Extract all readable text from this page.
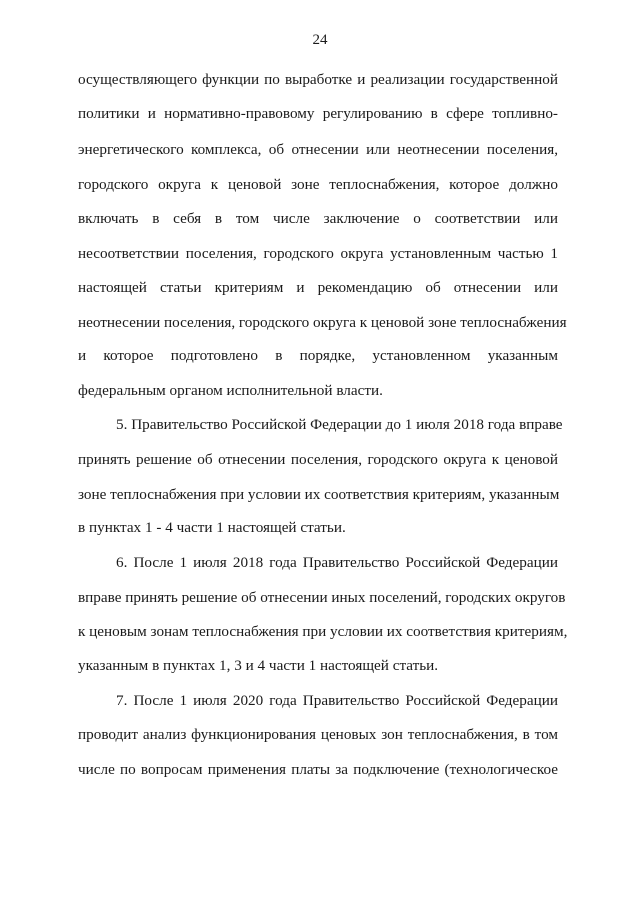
24
осуществляющего функции по выработке и реализации государственной
политики и нормативно-правовому регулированию в сфере топливно-
энергетического комплекса, об отнесении или неотнесении поселения,
городского округа к ценовой зоне теплоснабжения, которое должно
включать в себя в том числе заключение о соответствии или
несоответствии поселения, городского округа установленным частью 1
настоящей статьи критериям и рекомендацию об отнесении или
неотнесении поселения, городского округа к ценовой зоне теплоснабжения
и которое подготовлено в порядке, установленном указанным
федеральным органом исполнительной власти.
5. Правительство Российской Федерации до 1 июля 2018 года вправе
принять решение об отнесении поселения, городского округа к ценовой
зоне теплоснабжения при условии их соответствия критериям, указанным
в пунктах 1 - 4 части 1 настоящей статьи.
6. После 1 июля 2018 года Правительство Российской Федерации
вправе принять решение об отнесении иных поселений, городских округов
к ценовым зонам теплоснабжения при условии их соответствия критериям,
указанным в пунктах 1, 3 и 4 части 1 настоящей статьи.
7. После 1 июля 2020 года Правительство Российской Федерации
проводит анализ функционирования ценовых зон теплоснабжения, в том
числе по вопросам применения платы за подключение (технологическое
